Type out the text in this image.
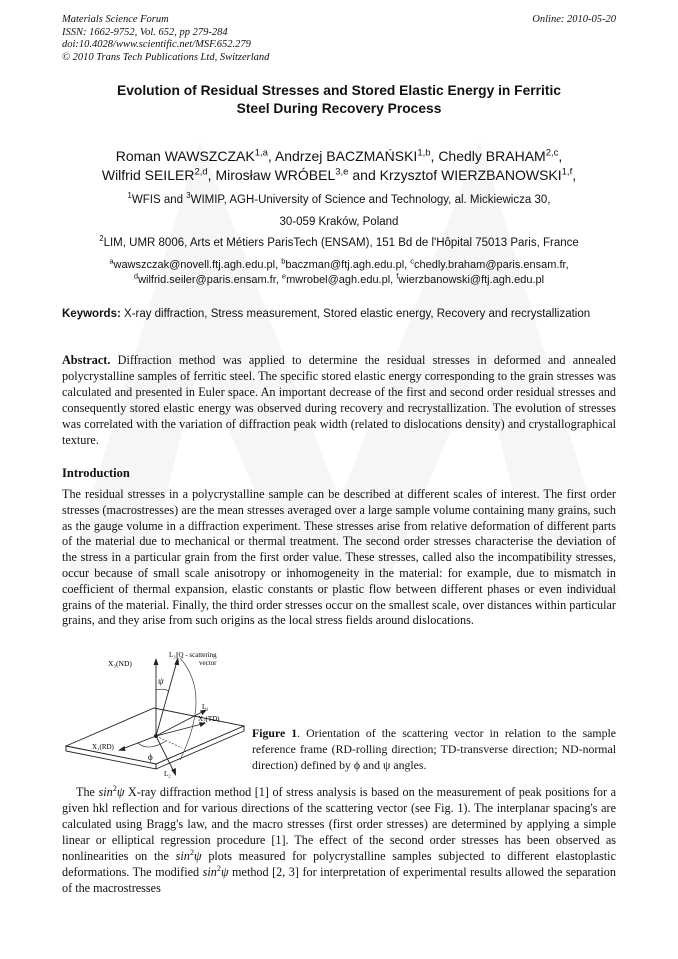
Materials Science Forum
ISSN: 1662-9752, Vol. 652, pp 279-284
doi:10.4028/www.scientific.net/MSF.652.279
© 2010 Trans Tech Publications Ltd, Switzerland
Online: 2010-05-20
Evolution of Residual Stresses and Stored Elastic Energy in Ferritic
Steel During Recovery Process
Roman WAWSZCZAK$^{1,a}$, Andrzej BACZMAŃSKI$^{1,b}$, Chedly BRAHAM$^{2,c}$,
Wilfrid SEILER$^{2,d}$, Mirosław WRÓBEL$^{3,e}$ and Krzysztof WIERZBANOWSKI$^{1,f}$,
$^1$WFIS and $^3$WIMIP, AGH-University of Science and Technology, al. Mickiewicza 30,
30-059 Kraków, Poland
$^2$LIM, UMR 8006, Arts et Métiers ParisTech (ENSAM), 151 Bd de l'Hôpital 75013 Paris, France
$^a$wawszczak@novell.ftj.agh.edu.pl, $^b$baczman@ftj.agh.edu.pl, $^c$chedly.braham@paris.ensam.fr,
$^d$wilfrid.seiler@paris.ensam.fr, $^e$mwrobel@agh.edu.pl, $^f$wierzbanowski@ftj.agh.edu.pl
Keywords: X-ray diffraction, Stress measurement, Stored elastic energy, Recovery and recrystallization
Abstract. Diffraction method was applied to determine the residual stresses in deformed and annealed polycrystalline samples of ferritic steel. The specific stored elastic energy corresponding to the grain stresses was calculated and presented in Euler space. An important decrease of the first and second order residual stresses and consequently stored elastic energy was observed during recovery and recrystallization. The evolution of stresses was correlated with the variation of diffraction peak width (related to dislocations density) and crystallographical texture.
Introduction
The residual stresses in a polycrystalline sample can be described at different scales of interest. The first order stresses (macrostresses) are the mean stresses averaged over a large sample volume containing many grains, such as the gauge volume in a diffraction experiment. These stresses arise from relative deformation of different parts of the material due to mechanical or thermal treatment. The second order stresses characterise the deviation of the stress in a particular grain from the first order value. These stresses, called also the incompatibility stresses, occur because of small scale anisotropy or inhomogeneity in the material: for example, due to mismatch in coefficient of thermal expansion, elastic constants or plastic flow between different phases or even individual grains of the material. Finally, the third order stresses occur on the smallest scale, over distances within particular grains, and they arise from such origins as the local stress fields around dislocations.
X₃(ND)
L₃||Q - scattering
vector
ψ
ϕ
L₁
X₂(TD)
X₁(RD)
L₂
Figure 1. Orientation of the scattering vector in relation to the sample reference frame (RD-rolling direction; TD-transverse direction; ND-normal direction) defined by ϕ and ψ angles.
The $\sin^2\psi$ X-ray diffraction method [1] of stress analysis is based on the measurement of peak positions for a given hkl reflection and for various directions of the scattering vector (see Fig. 1). The interplanar spacing's are calculated using Bragg's law, and the macro stresses (first order stresses) are determined by applying a simple linear or elliptical regression procedure [1]. The effect of the second order stresses has been observed as nonlinearities on the $\sin^2\psi$ plots measured for polycrystalline samples subjected to different elastoplastic deformations. The modified $\sin^2\psi$ method [2, 3] for interpretation of experimental results allowed the separation of the macrostresses
